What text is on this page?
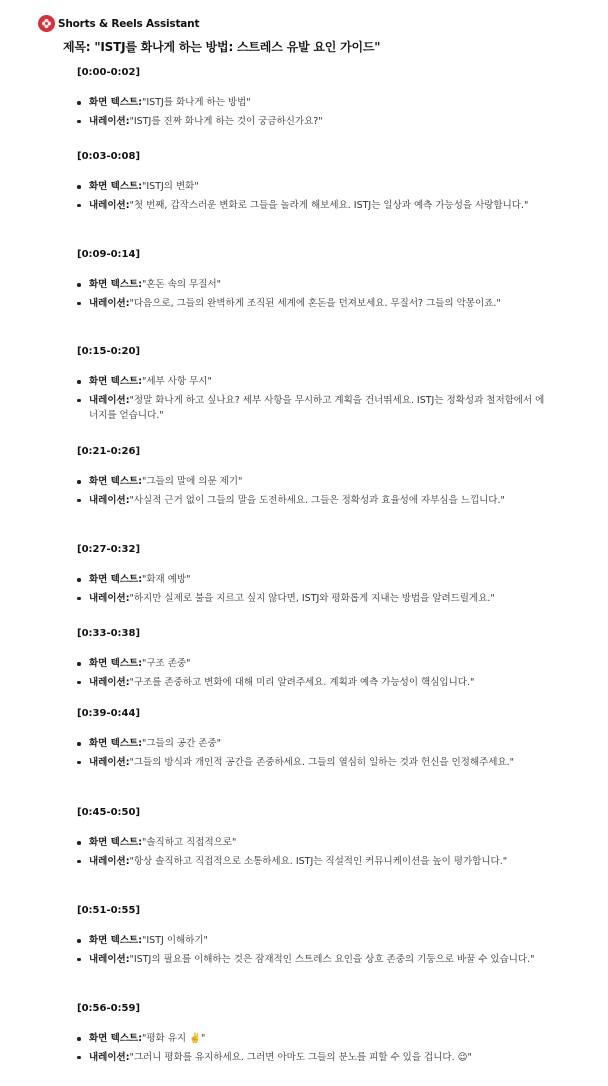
Shorts & Reels Assistant
제목: "ISTJ를 화나게 하는 방법: 스트레스 유발 요인 가이드"
[0:00-0:02]
화면 텍스트:"ISTJ를 화나게 하는 방법"
내레이션:"ISTJ를 진짜 화나게 하는 것이 궁금하신가요?"
[0:03-0:08]
화면 텍스트:"ISTJ의 변화"
내레이션:"첫 번째, 갑작스러운 변화로 그들을 놀라게 해보세요. ISTJ는 일상과 예측 가능성을 사랑합니다."
[0:09-0:14]
화면 텍스트:"혼돈 속의 무질서"
내레이션:"다음으로, 그들의 완벽하게 조직된 세계에 혼돈을 던져보세요. 무질서? 그들의 악몽이죠."
[0:15-0:20]
화면 텍스트:"세부 사항 무시"
내레이션:"정말 화나게 하고 싶나요? 세부 사항을 무시하고 계획을 건너뛰세요. ISTJ는 정확성과 철저함에서 에너지를 얻습니다."
[0:21-0:26]
화면 텍스트:"그들의 말에 의문 제기"
내레이션:"사실적 근거 없이 그들의 말을 도전하세요. 그들은 정확성과 효율성에 자부심을 느낍니다."
[0:27-0:32]
화면 텍스트:"화재 예방"
내레이션:"하지만 실제로 불을 지르고 싶지 않다면, ISTJ와 평화롭게 지내는 방법을 알려드릴게요."
[0:33-0:38]
화면 텍스트:"구조 존중"
내레이션:"구조를 존중하고 변화에 대해 미리 알려주세요. 계획과 예측 가능성이 핵심입니다."
[0:39-0:44]
화면 텍스트:"그들의 공간 존중"
내레이션:"그들의 방식과 개인적 공간을 존중하세요. 그들의 열심히 일하는 것과 헌신을 인정해주세요."
[0:45-0:50]
화면 텍스트:"솔직하고 직접적으로"
내레이션:"항상 솔직하고 직접적으로 소통하세요. ISTJ는 직설적인 커뮤니케이션을 높이 평가합니다."
[0:51-0:55]
화면 텍스트:"ISTJ 이해하기"
내레이션:"ISTJ의 필요를 이해하는 것은 잠재적인 스트레스 요인을 상호 존중의 기둥으로 바꿀 수 있습니다."
[0:56-0:59]
화면 텍스트:"평화 유지 ✌️"
내레이션:"그러니 평화를 유지하세요. 그러면 아마도 그들의 분노를 피할 수 있을 겁니다. 😉"
